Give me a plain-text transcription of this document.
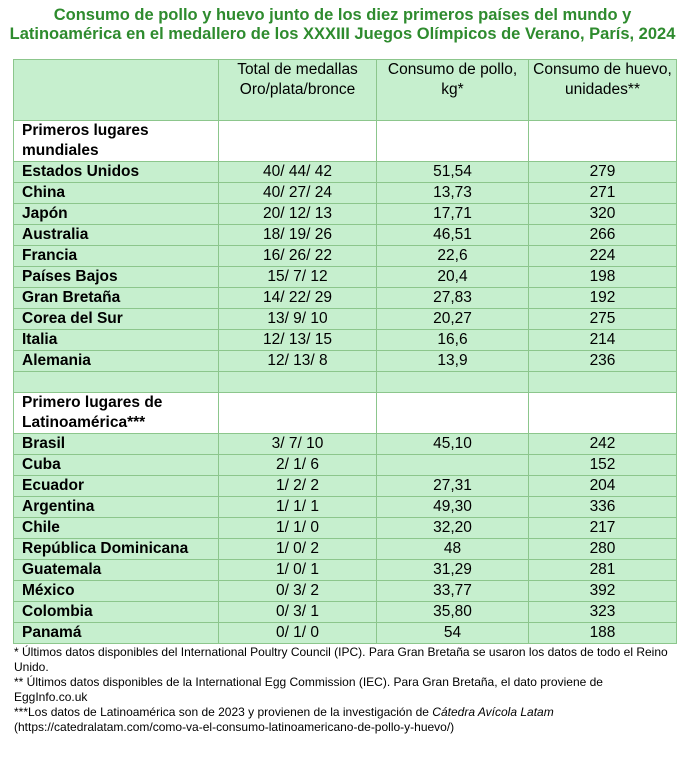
Consumo de pollo y huevo junto de los diez primeros países del mundo y Latinoamérica en el medallero de los XXXIII Juegos Olímpicos de Verano, París, 2024
	Total de medallas Oro/plata/bronce	Consumo de pollo, kg*	Consumo de huevo, unidades**
Primeros lugares mundiales			
Estados Unidos	40/ 44/ 42	51,54	279
China	40/ 27/ 24	13,73	271
Japón	20/ 12/ 13	17,71	320
Australia	18/ 19/ 26	46,51	266
Francia	16/ 26/ 22	22,6	224
Países Bajos	15/ 7/ 12	20,4	198
Gran Bretaña	14/ 22/ 29	27,83	192
Corea del Sur	13/ 9/ 10	20,27	275
Italia	12/ 13/ 15	16,6	214
Alemania	12/ 13/ 8	13,9	236

Primero lugares de Latinoamérica***			
Brasil	3/ 7/ 10	45,10	242
Cuba	2/ 1/ 6		152
Ecuador	1/ 2/ 2	27,31	204
Argentina	1/ 1/ 1	49,30	336
Chile	1/ 1/ 0	32,20	217
República Dominicana	1/ 0/ 2	48	280
Guatemala	1/ 0/ 1	31,29	281
México	0/ 3/ 2	33,77	392
Colombia	0/ 3/ 1	35,80	323
Panamá	0/ 1/ 0	54	188

* Últimos datos disponibles del International Poultry Council (IPC). Para Gran Bretaña se usaron los datos de todo el Reino Unido.

** Últimos datos disponibles de la International Egg Commission (IEC). Para Gran Bretaña, el dato proviene de EggInfo.co.uk

***Los datos de Latinoamérica son de 2023 y provienen de la investigación de Cátedra Avícola Latam
(https://catedralatam.com/como-va-el-consumo-latinoamericano-de-pollo-y-huevo/)
